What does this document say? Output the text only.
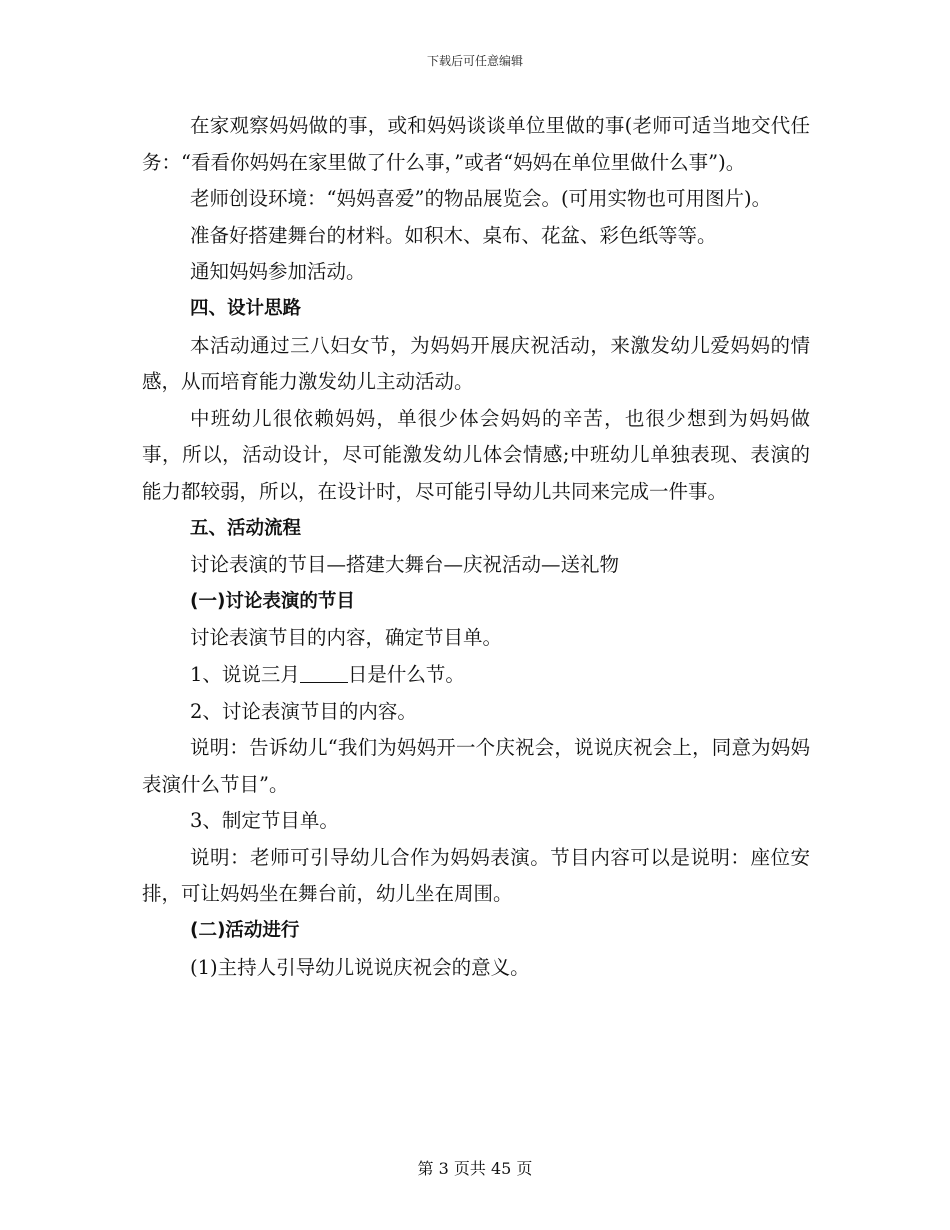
下载后可任意编辑

在家观察妈妈做的事，或和妈妈谈谈单位里做的事(老师可适当地交代任务：“看看你妈妈在家里做了什么事，”或者“妈妈在单位里做什么事”)。

老师创设环境：“妈妈喜爱”的物品展览会。(可用实物也可用图片)。

准备好搭建舞台的材料。如积木、桌布、花盆、彩色纸等等。

通知妈妈参加活动。

四、设计思路

本活动通过三八妇女节，为妈妈开展庆祝活动，来激发幼儿爱妈妈的情感，从而培育能力激发幼儿主动活动。

中班幼儿很依赖妈妈，单很少体会妈妈的辛苦，也很少想到为妈妈做事，所以，活动设计，尽可能激发幼儿体会情感;中班幼儿单独表现、表演的能力都较弱，所以，在设计时，尽可能引导幼儿共同来完成一件事。

五、活动流程

讨论表演的节目—搭建大舞台—庆祝活动—送礼物

(一)讨论表演的节目

讨论表演节目的内容，确定节目单。

1、说说三月 日是什么节。

2、讨论表演节目的内容。

说明：告诉幼儿“我们为妈妈开一个庆祝会，说说庆祝会上，同意为妈妈表演什么节目”。

3、制定节目单。

说明：老师可引导幼儿合作为妈妈表演。节目内容可以是说明：座位安排，可让妈妈坐在舞台前，幼儿坐在周围。

(二)活动进行

(1)主持人引导幼儿说说庆祝会的意义。

第 3 页共 45 页
